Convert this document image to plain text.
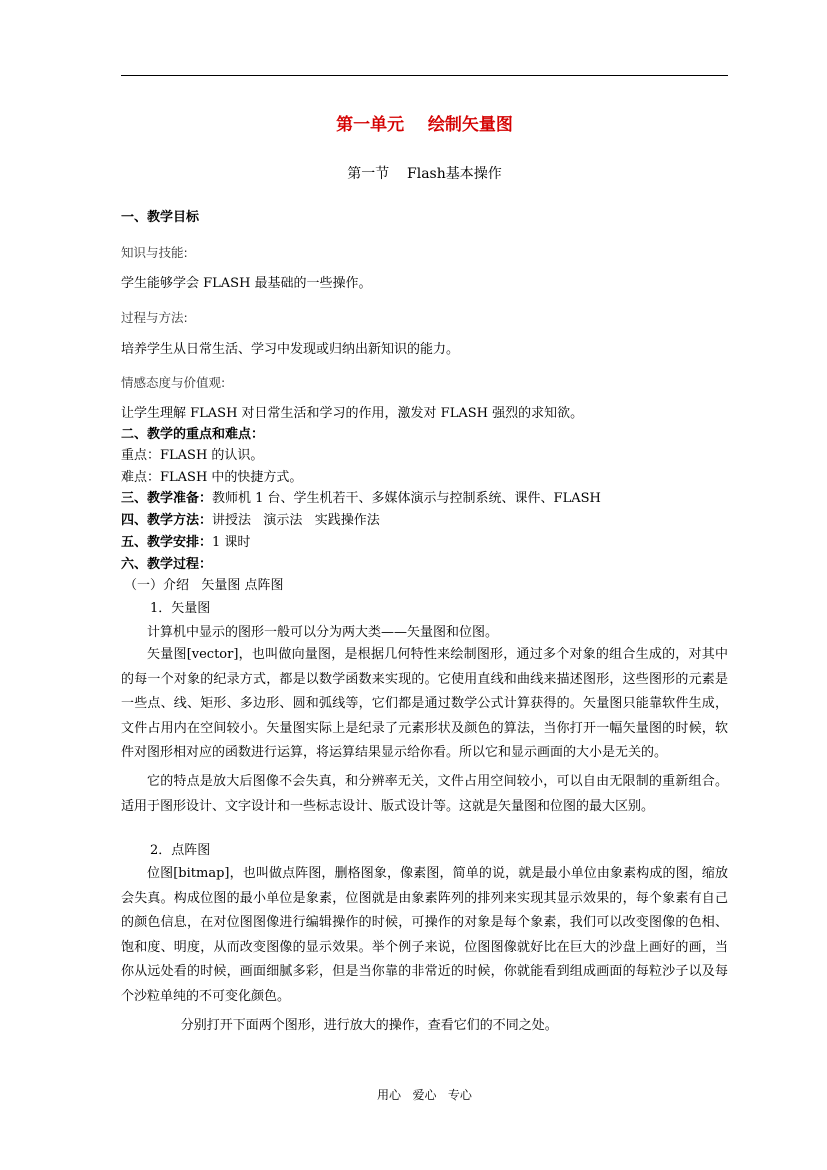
第一单元    绘制矢量图
第一节    Flash基本操作
一、教学目标
知识与技能:
学生能够学会 FLASH 最基础的一些操作。
过程与方法:
培养学生从日常生活、学习中发现或归纳出新知识的能力。
情感态度与价值观:
让学生理解 FLASH 对日常生活和学习的作用，激发对 FLASH 强烈的求知欲。
二、教学的重点和难点：
重点：FLASH 的认识。
难点：FLASH 中的快捷方式。
三、教学准备：教师机 1 台、学生机若干、多媒体演示与控制系统、课件、FLASH
四、教学方法：讲授法   演示法   实践操作法
五、教学安排：1 课时
六、教学过程：
（一）介绍   矢量图 点阵图
1．矢量图
计算机中显示的图形一般可以分为两大类——矢量图和位图。
矢量图[vector]，也叫做向量图，是根据几何特性来绘制图形，通过多个对象的组合生成的，对其中的每一个对象的纪录方式，都是以数学函数来实现的。它使用直线和曲线来描述图形，这些图形的元素是一些点、线、矩形、多边形、圆和弧线等，它们都是通过数学公式计算获得的。矢量图只能靠软件生成，文件占用内在空间较小。矢量图实际上是纪录了元素形状及颜色的算法，当你打开一幅矢量图的时候，软件对图形相对应的函数进行运算，将运算结果显示给你看。所以它和显示画面的大小是无关的。
它的特点是放大后图像不会失真，和分辨率无关，文件占用空间较小，可以自由无限制的重新组合。适用于图形设计、文字设计和一些标志设计、版式设计等。这就是矢量图和位图的最大区别。
2．点阵图
位图[bitmap]，也叫做点阵图，删格图象，像素图，简单的说，就是最小单位由象素构成的图，缩放会失真。构成位图的最小单位是象素，位图就是由象素阵列的排列来实现其显示效果的，每个象素有自己的颜色信息，在对位图图像进行编辑操作的时候，可操作的对象是每个象素，我们可以改变图像的色相、饱和度、明度，从而改变图像的显示效果。举个例子来说，位图图像就好比在巨大的沙盘上画好的画，当你从远处看的时候，画面细腻多彩，但是当你靠的非常近的时候，你就能看到组成画面的每粒沙子以及每个沙粒单纯的不可变化颜色。
分别打开下面两个图形，进行放大的操作，查看它们的不同之处。
用心   爱心   专心
